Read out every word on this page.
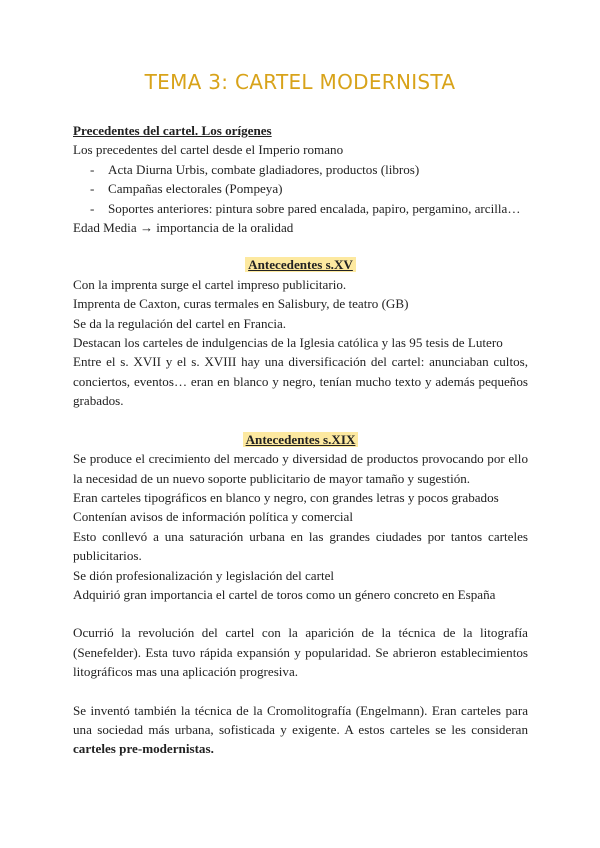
TEMA 3: CARTEL MODERNISTA

Precedentes del cartel. Los orígenes

Los precedentes del cartel desde el Imperio romano

- Acta Diurna Urbis, combate gladiadores, productos (libros)
- Campañas electorales (Pompeya)
- Soportes anteriores: pintura sobre pared encalada, papiro, pergamino, arcilla…

Edad Media → importancia de la oralidad

Antecedentes s.XV

Con la imprenta surge el cartel impreso publicitario.

Imprenta de Caxton, curas termales en Salisbury, de teatro (GB)

Se da la regulación del cartel en Francia.

Destacan los carteles de indulgencias de la Iglesia católica y las 95 tesis de Lutero

Entre el s. XVII y el s. XVIII hay una diversificación del cartel: anunciaban cultos, conciertos, eventos… eran en blanco y negro, tenían mucho texto y además pequeños grabados.

Antecedentes s.XIX

Se produce el crecimiento del mercado y diversidad de productos provocando por ello la necesidad de un nuevo soporte publicitario de mayor tamaño y sugestión.

Eran carteles tipográficos en blanco y negro, con grandes letras y pocos grabados

Contenían avisos de información política y comercial

Esto conllevó a una saturación urbana en las grandes ciudades por tantos carteles publicitarios.

Se dión profesionalización y legislación del cartel

Adquirió gran importancia el cartel de toros como un género concreto en España

Ocurrió la revolución del cartel con la aparición de la técnica de la litografía (Senefelder). Esta tuvo rápida expansión y popularidad. Se abrieron establecimientos litográficos mas una aplicación progresiva.

Se inventó también la técnica de la Cromolitografía (Engelmann). Eran carteles para una sociedad más urbana, sofisticada y exigente. A estos carteles se les consideran carteles pre-modernistas.
